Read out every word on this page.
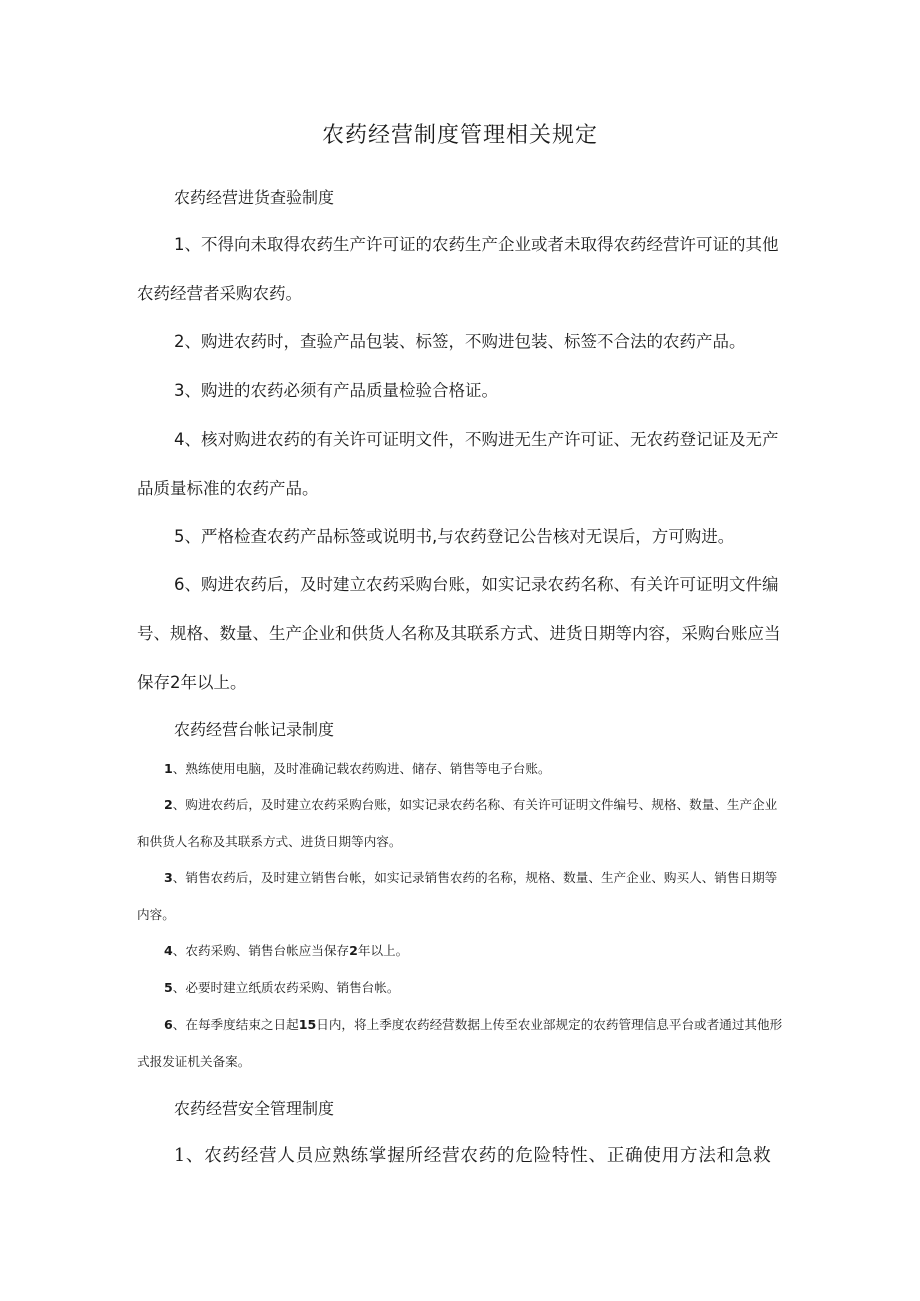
农药经营制度管理相关规定
农药经营进货查验制度

1、不得向未取得农药生产许可证的农药生产企业或者未取得农药经营许可证的其他农药经营者采购农药。

2、购进农药时，查验产品包装、标签，不购进包装、标签不合法的农药产品。

3、购进的农药必须有产品质量检验合格证。

4、核对购进农药的有关许可证明文件，不购进无生产许可证、无农药登记证及无产品质量标准的农药产品。

5、严格检查农药产品标签或说明书,与农药登记公告核对无误后，方可购进。

6、购进农药后，及时建立农药采购台账，如实记录农药名称、有关许可证明文件编号、规格、数量、生产企业和供货人名称及其联系方式、进货日期等内容，采购台账应当保存2年以上。

农药经营台帐记录制度

1、熟练使用电脑，及时准确记载农药购进、储存、销售等电子台账。

2、购进农药后，及时建立农药采购台账，如实记录农药名称、有关许可证明文件编号、规格、数量、生产企业和供货人名称及其联系方式、进货日期等内容。

3、销售农药后，及时建立销售台帐，如实记录销售农药的名称，规格、数量、生产企业、购买人、销售日期等内容。

4、农药采购、销售台帐应当保存2年以上。

5、必要时建立纸质农药采购、销售台帐。

6、在每季度结束之日起15日内，将上季度农药经营数据上传至农业部规定的农药管理信息平台或者通过其他形式报发证机关备案。

农药经营安全管理制度

1、农药经营人员应熟练掌握所经营农药的危险特性、正确使用方法和急救
